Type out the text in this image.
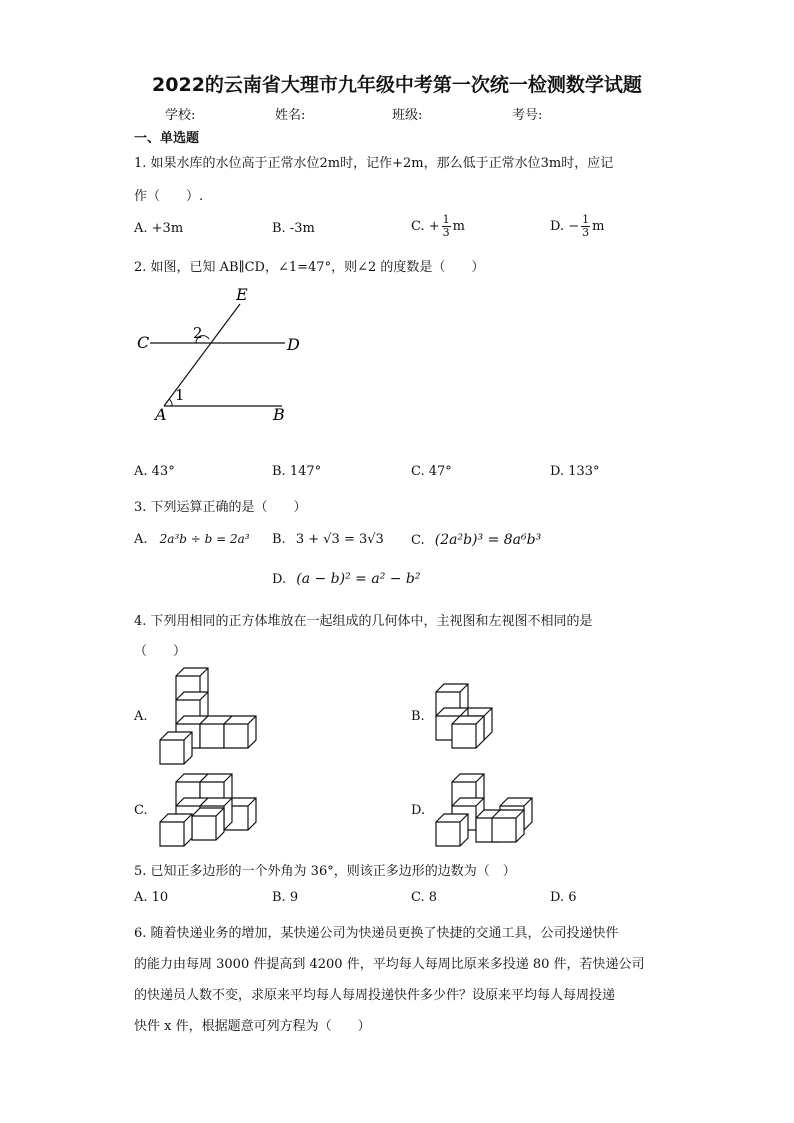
2022的云南省大理市九年级中考第一次统一检测数学试题
学校:	姓名:	班级:	考号:
一、单选题
1. 如果水库的水位高于正常水位2m时，记作+2m，那么低于正常水位3m时，应记
作（　　）.
A. +3m	B. -3m	C. + $\frac{1}{3}$ m	D. − $\frac{1}{3}$ m
2. 如图，已知 AB∥CD，∠1=47°，则∠2 的度数是（　　）
E
C	D
A	B
1
2
A. 43°	B. 147°	C. 47°	D. 133°
3. 下列运算正确的是（　　）
A. 2a³b ÷ b = 2a³ B. 3 + √3 = 3√3 C. (2a²b)³ = 8a⁶b³
D. (a − b)² = a² − b²
4. 下列用相同的正方体堆放在一起组成的几何体中，主视图和左视图不相同的是
（　　）
A.	B.
C.	D.
5. 已知正多边形的一个外角为 36°，则该正多边形的边数为（　）
A. 10	B. 9	C. 8	D. 6
6. 随着快递业务的增加，某快递公司为快递员更换了快捷的交通工具，公司投递快件
的能力由每周 3000 件提高到 4200 件，平均每人每周比原来多投递 80 件，若快递公司
的快递员人数不变，求原来平均每人每周投递快件多少件？设原来平均每人每周投递
快件 x 件，根据题意可列方程为（　　）
